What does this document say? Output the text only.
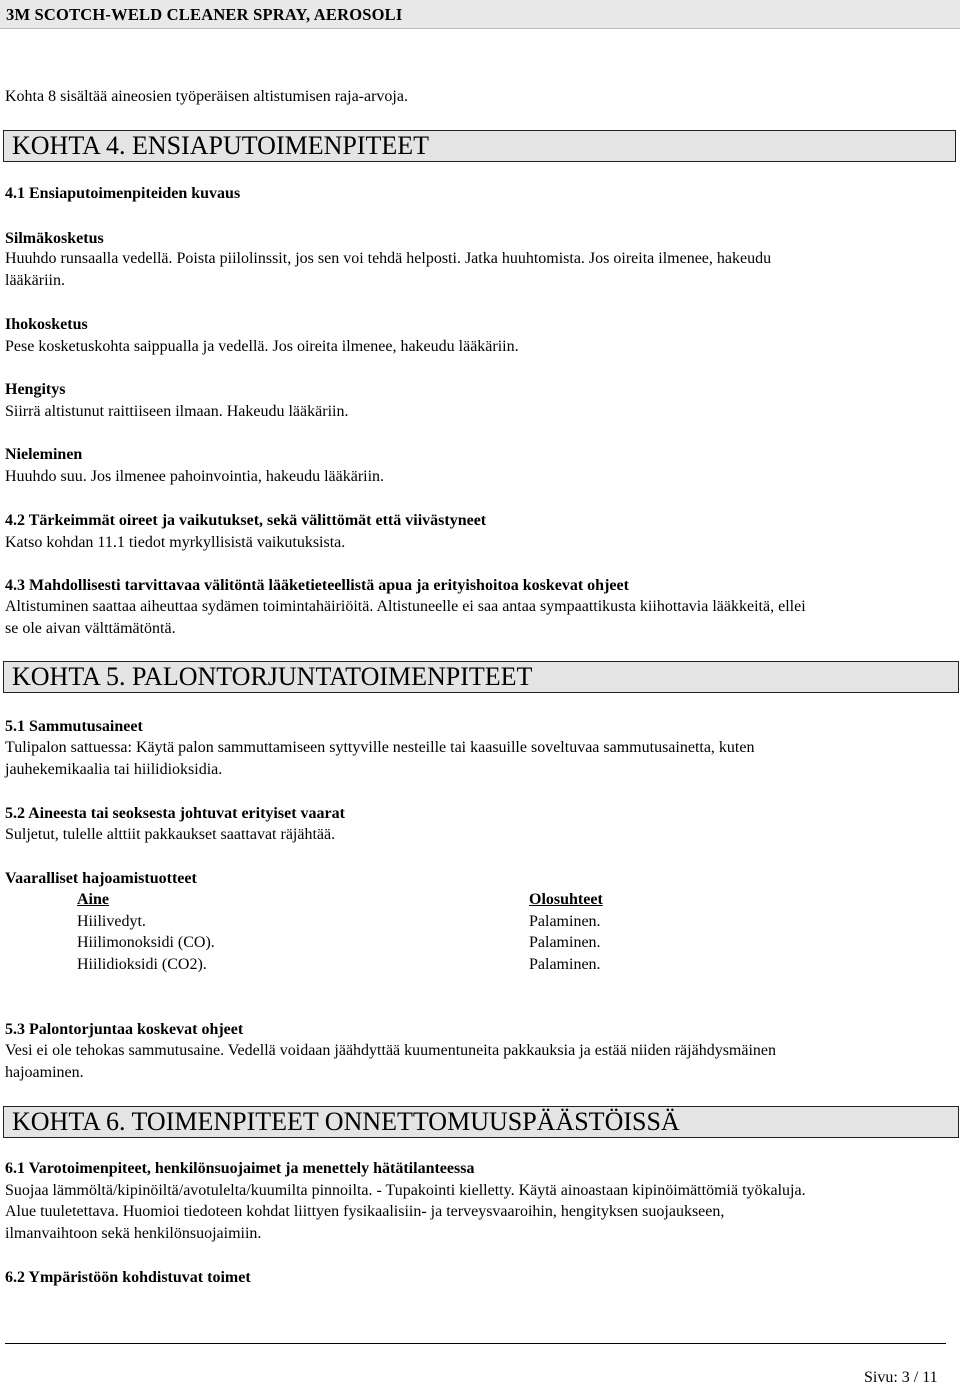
3M SCOTCH-WELD CLEANER SPRAY, AEROSOLI
Kohta 8 sisältää aineosien työperäisen altistumisen raja-arvoja.
KOHTA 4. ENSIAPUTOIMENPITEET
4.1 Ensiaputoimenpiteiden kuvaus
Silmäkosketus
Huuhdo runsaalla vedellä. Poista piilolinssit, jos sen voi tehdä helposti. Jatka huuhtomista. Jos oireita ilmenee, hakeudu
lääkäriin.
Ihokosketus
Pese kosketuskohta saippualla ja vedellä. Jos oireita ilmenee, hakeudu lääkäriin.
Hengitys
Siirrä altistunut raittiiseen ilmaan. Hakeudu lääkäriin.
Nieleminen
Huuhdo suu. Jos ilmenee pahoinvointia, hakeudu lääkäriin.
4.2 Tärkeimmät oireet ja vaikutukset, sekä välittömät että viivästyneet
Katso kohdan 11.1 tiedot myrkyllisistä vaikutuksista.
4.3 Mahdollisesti tarvittavaa välitöntä lääketieteellistä apua ja erityishoitoa koskevat ohjeet
Altistuminen saattaa aiheuttaa sydämen toimintahäiriöitä. Altistuneelle ei saa antaa sympaattikusta kiihottavia lääkkeitä, ellei
se ole aivan välttämätöntä.
KOHTA 5. PALONTORJUNTATOIMENPITEET
5.1 Sammutusaineet
Tulipalon sattuessa: Käytä palon sammuttamiseen syttyville nesteille tai kaasuille soveltuvaa sammutusainetta, kuten
jauhekemikaalia tai hiilidioksidia.
5.2 Aineesta tai seoksesta johtuvat erityiset vaarat
Suljetut, tulelle alttiit pakkaukset saattavat räjähtää.
Vaaralliset hajoamistuotteet
Aine	Olosuhteet
Hiilivedyt.	Palaminen.
Hiilimonoksidi (CO).	Palaminen.
Hiilidioksidi (CO2).	Palaminen.
5.3 Palontorjuntaa koskevat ohjeet
Vesi ei ole tehokas sammutusaine. Vedellä voidaan jäähdyttää kuumentuneita pakkauksia ja estää niiden räjähdysmäinen
hajoaminen.
KOHTA 6. TOIMENPITEET ONNETTOMUUSPÄÄSTÖISSÄ
6.1 Varotoimenpiteet, henkilönsuojaimet ja menettely hätätilanteessa
Suojaa lämmöltä/kipinöiltä/avotulelta/kuumilta pinnoilta. - Tupakointi kielletty. Käytä ainoastaan kipinöimättömiä työkaluja.
Alue tuuletettava. Huomioi tiedoteen kohdat liittyen fysikaalisiin- ja terveysvaaroihin, hengityksen suojaukseen,
ilmanvaihtoon sekä henkilönsuojaimiin.
6.2 Ympäristöön kohdistuvat toimet
Sivu: 3 / 11
